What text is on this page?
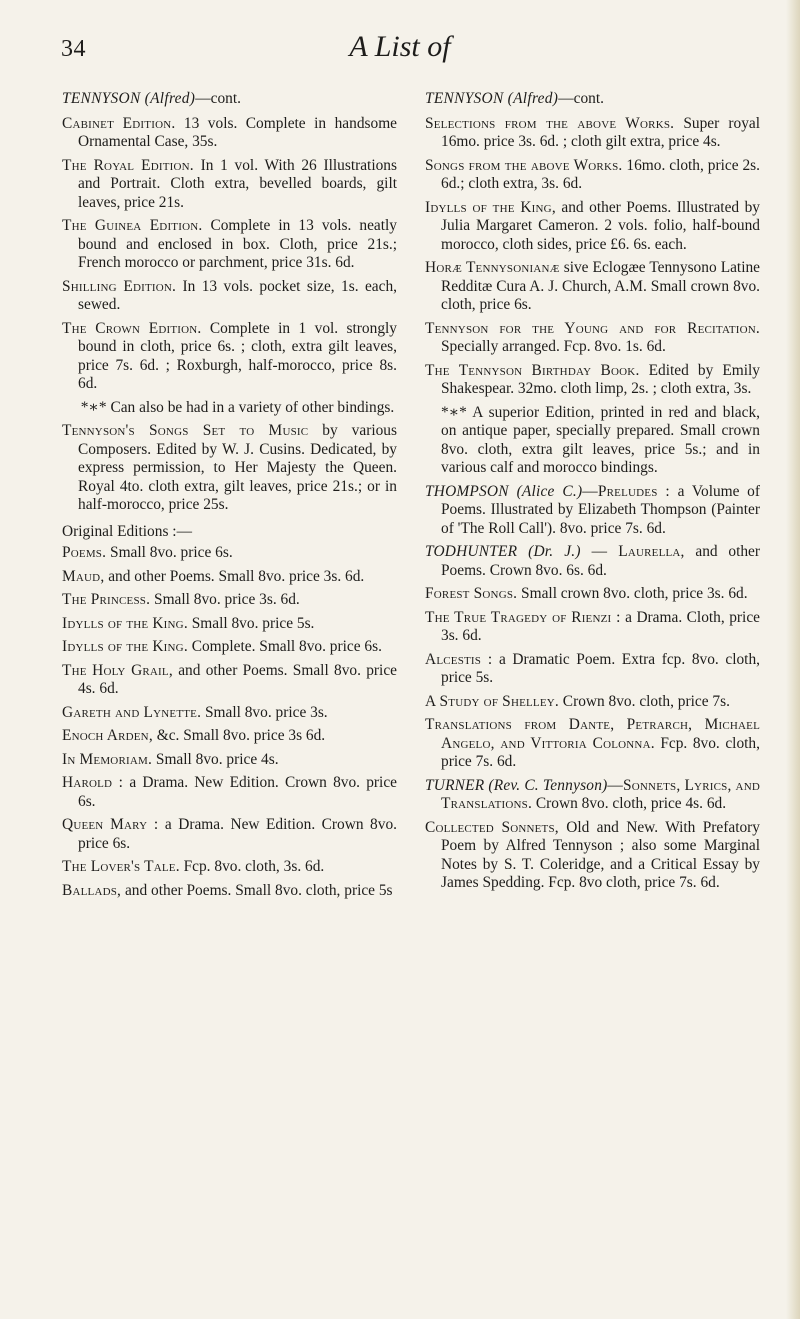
34	A List of
TENNYSON (Alfred)—cont.
Cabinet Edition. 13 vols. Complete in handsome Ornamental Case, 35s.
The Royal Edition. In 1 vol. With 26 Illustrations and Portrait. Cloth extra, bevelled boards, gilt leaves, price 21s.
The Guinea Edition. Complete in 13 vols. neatly bound and enclosed in box. Cloth, price 21s.; French morocco or parchment, price 31s. 6d.
Shilling Edition. In 13 vols. pocket size, 1s. each, sewed.
The Crown Edition. Complete in 1 vol. strongly bound in cloth, price 6s. ; cloth, extra gilt leaves, price 7s. 6d. ; Roxburgh, half-morocco, price 8s. 6d.
*∗* Can also be had in a variety of other bindings.
Tennyson's Songs Set to Music by various Composers. Edited by W. J. Cusins. Dedicated, by express permission, to Her Majesty the Queen. Royal 4to. cloth extra, gilt leaves, price 21s.; or in half-morocco, price 25s.
Original Editions :—
Poems. Small 8vo. price 6s.
Maud, and other Poems. Small 8vo. price 3s. 6d.
The Princess. Small 8vo. price 3s. 6d.
Idylls of the King. Small 8vo. price 5s.
Idylls of the King. Complete. Small 8vo. price 6s.
The Holy Grail, and other Poems. Small 8vo. price 4s. 6d.
Gareth and Lynette. Small 8vo. price 3s.
Enoch Arden, &c. Small 8vo. price 3s 6d.
In Memoriam. Small 8vo. price 4s.
Harold : a Drama. New Edition. Crown 8vo. price 6s.
Queen Mary : a Drama. New Edition. Crown 8vo. price 6s.
The Lover's Tale. Fcp. 8vo. cloth, 3s. 6d.
Ballads, and other Poems. Small 8vo. cloth, price 5s
TENNYSON (Alfred)—cont.
Selections from the above Works. Super royal 16mo. price 3s. 6d. ; cloth gilt extra, price 4s.
Songs from the above Works. 16mo. cloth, price 2s. 6d.; cloth extra, 3s. 6d.
Idylls of the King, and other Poems. Illustrated by Julia Margaret Cameron. 2 vols. folio, half-bound morocco, cloth sides, price £6. 6s. each.
Horæ Tennysonianæ sive Eclogæe Tennysono Latine Redditæ Cura A. J. Church, A.M. Small crown 8vo. cloth, price 6s.
Tennyson for the Young and for Recitation. Specially arranged. Fcp. 8vo. 1s. 6d.
The Tennyson Birthday Book. Edited by Emily Shakespear. 32mo. cloth limp, 2s. ; cloth extra, 3s.
*∗* A superior Edition, printed in red and black, on antique paper, specially prepared. Small crown 8vo. cloth, extra gilt leaves, price 5s.; and in various calf and morocco bindings.
THOMPSON (Alice C.)—Preludes : a Volume of Poems. Illustrated by Elizabeth Thompson (Painter of 'The Roll Call'). 8vo. price 7s. 6d.
TODHUNTER (Dr. J.) — Laurella, and other Poems. Crown 8vo. 6s. 6d.
Forest Songs. Small crown 8vo. cloth, price 3s. 6d.
The True Tragedy of Rienzi : a Drama. Cloth, price 3s. 6d.
Alcestis : a Dramatic Poem. Extra fcp. 8vo. cloth, price 5s.
A Study of Shelley. Crown 8vo. cloth, price 7s.
Translations from Dante, Petrarch, Michael Angelo, and Vittoria Colonna. Fcp. 8vo. cloth, price 7s. 6d.
TURNER (Rev. C. Tennyson)—Sonnets, Lyrics, and Translations. Crown 8vo. cloth, price 4s. 6d.
Collected Sonnets, Old and New. With Prefatory Poem by Alfred Tennyson ; also some Marginal Notes by S. T. Coleridge, and a Critical Essay by James Spedding. Fcp. 8vo cloth, price 7s. 6d.
